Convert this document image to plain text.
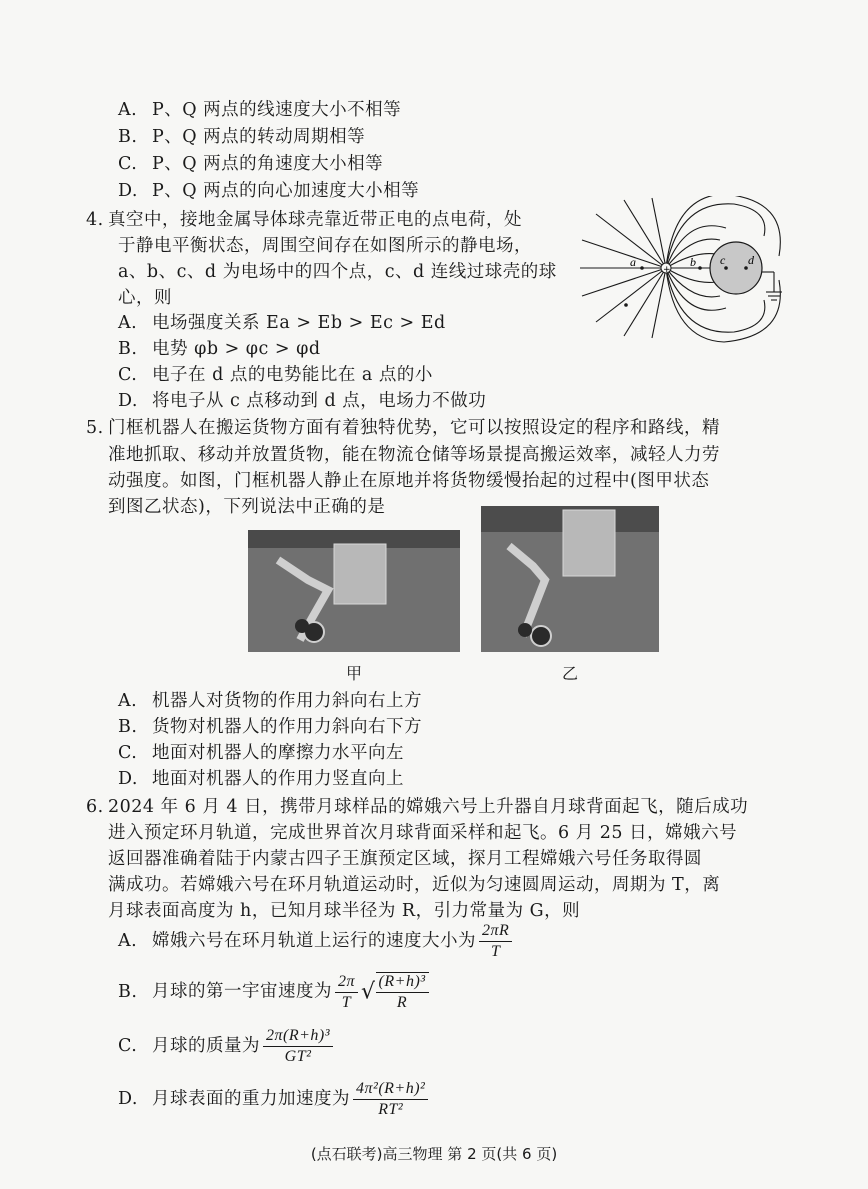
A. P、Q 两点的线速度大小不相等
B. P、Q 两点的转动周期相等
C. P、Q 两点的角速度大小相等
D. P、Q 两点的向心加速度大小相等
4. 真空中，接地金属导体球壳靠近带正电的点电荷，处
于静电平衡状态，周围空间存在如图所示的静电场，
a、b、c、d 为电场中的四个点，c、d 连线过球壳的球
心，则
A. 电场强度关系 Ea > Eb > Ec > Ed
B. 电势 φb > φc > φd
C. 电子在 d 点的电势能比在 a 点的小
D. 将电子从 c 点移动到 d 点，电场力不做功
+
a	b c d
5. 门框机器人在搬运货物方面有着独特优势，它可以按照设定的程序和路线，精
准地抓取、移动并放置货物，能在物流仓储等场景提高搬运效率，减轻人力劳
动强度。如图，门框机器人静止在原地并将货物缓慢抬起的过程中(图甲状态
到图乙状态)，下列说法中正确的是
甲	乙
A. 机器人对货物的作用力斜向右上方
B. 货物对机器人的作用力斜向右下方
C. 地面对机器人的摩擦力水平向左
D. 地面对机器人的作用力竖直向上
6. 2024 年 6 月 4 日，携带月球样品的嫦娥六号上升器自月球背面起飞，随后成功
进入预定环月轨道，完成世界首次月球背面采样和起飞。6 月 25 日，嫦娥六号
返回器准确着陆于内蒙古四子王旗预定区域，探月工程嫦娥六号任务取得圆
满成功。若嫦娥六号在环月轨道运动时，近似为匀速圆周运动，周期为 T，离
月球表面高度为 h，已知月球半径为 R，引力常量为 G，则
A. 嫦娥六号在环月轨道上运行的速度大小为 $\frac{2\pi R}{T}$
B. 月球的第一宇宙速度为 $\frac{2\pi}{T}$ √ $\frac{\text{(R+h)³}}{R}$
C. 月球的质量为 $\frac{\text{2π(R+h)³}}{\text{GT²}}$
D. 月球表面的重力加速度为 $\frac{\text{4π²(R+h)²}}{\text{RT²}}$
(点石联考)高三物理 第 2 页(共 6 页)
